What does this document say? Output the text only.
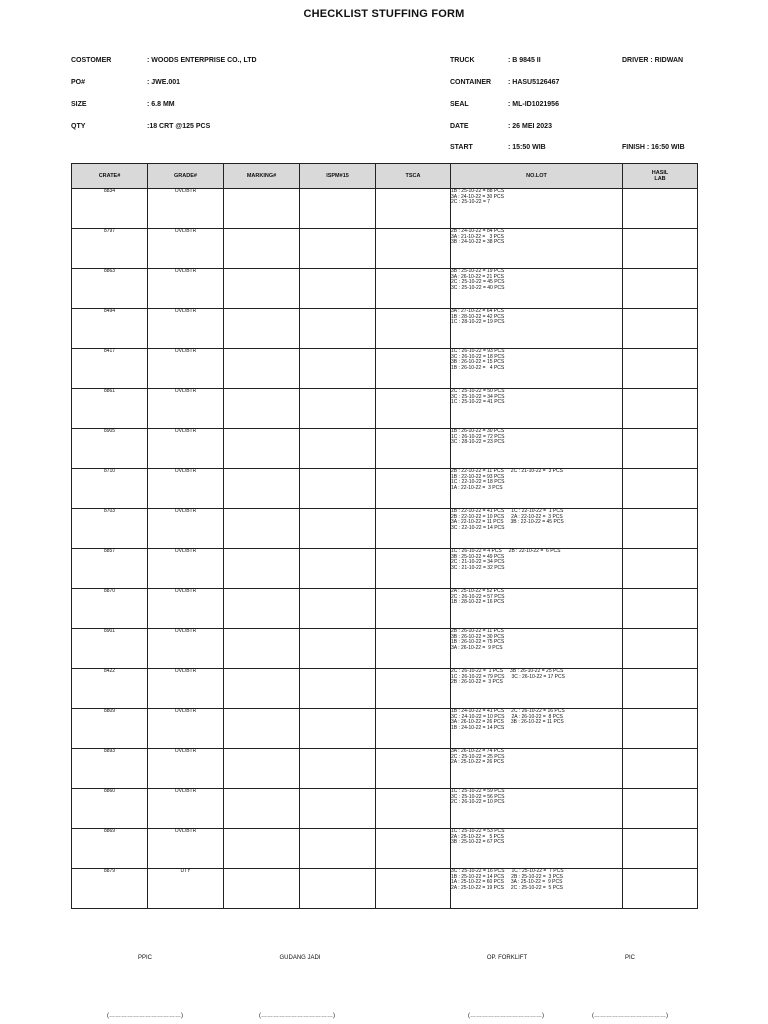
CHECKLIST STUFFING FORM
COSTOMER	: WOODS ENTERPRISE CO., LTD
PO#	: JWE.001
SIZE	: 6.8 MM
QTY	:18 CRT @125 PCS
TRUCK	: B 9845 II	DRIVER : RIDWAN
CONTAINER : HASU5126467
SEAL	: ML-ID1021956
DATE	: 26 MEI 2023
START	: 15:50 WIB	FINISH : 16:50 WIB
CRATE#	GRADE#	MARKING#	ISPM#15	TSCA	NO.LOT	HASIL
LAB
8834	OVL/BTR				1B : 25-10-22 = 88 PCS
3A : 24-10-22 = 30 PCS
2C : 25-10-22 = 7	
8797	OVL/BTR				2B : 24-10-22 = 84 PCS
3A : 21-10-22 =   3 PCS
3B : 24-10-22 = 38 PCS	
8863	OVL/BTR				3B : 25-10-22 = 19 PCS
3A : 26-10-22 = 21 PCS
2C : 25-10-22 = 45 PCS
3C : 25-10-22 = 40 PCS	
8494	OVL/BTR				3A : 27-10-22 = 64 PCS
1B : 28-10-22 = 42 PCS
1C : 28-10-22 = 19 PCS	
8417	OVL/BTR				1C : 26-10-22 = 93 PCS
3C : 26-10-22 = 18 PCS
3B : 26-10-22 = 15 PCS
1B : 26-10-22 =   4 PCS	
8861	OVL/BTR				2C : 25-10-22 = 50 PCS
3C : 25-10-22 = 34 PCS
1C : 25-10-22 = 41 PCS	
8905	OVL/BTR				1B : 26-10-22 = 30 PCS
1C : 26-10-22 = 72 PCS
3C : 28-10-22 = 23 PCS	
8710	OVL/BTR				2B : 22-10-22 = 11 PCS     2C : 21-10-22 =  3 PCS
1B : 22-10-22 = 93 PCS
1C : 22-10-22 = 18 PCS
1A : 22-10-22 =  3 PCS	
8703	OVL/BTR				1B : 22-10-22 = 41 PCS     1C : 22-10-22 =  1 PCS
2B : 22-10-22 = 10 PCS     2A : 22-10-22 =  3 PCS
3A : 22-10-22 = 11 PCS     3B : 22-10-22 = 45 PCS
3C : 22-10-22 = 14 PCS	
8857	OVL/BTR				1C : 26-10-22 = 4 PCS     2B : 22-10-22 =  6 PCS
3B : 25-10-22 = 49 PCS
2C : 21-10-22 = 34 PCS
3C : 21-10-22 = 32 PCS	
8870	OVL/BTR				2A : 25-10-22 = 52 PCS
2C : 26-10-22 = 57 PCS
1B : 28-10-22 = 16 PCS	
8901	OVL/BTR				2B : 26-10-22 = 11 PCS
3B : 26-10-22 = 30 PCS
1B : 26-10-22 = 75 PCS
3A : 26-10-22 =  9 PCS	
8422	OVL/BTR				2C : 26-10-22 =  1 PCS     3B : 26-10-22 = 25 PCS
1C : 26-10-22 = 79 PCS     3C : 26-10-22 = 17 PCS
2B : 26-10-22 =  3 PCS	
8809	OVL/BTR				1B : 24-10-22 = 41 PCS     2C : 26-10-22 = 16 PCS
3C : 24-10-22 = 10 PCS     2A : 26-10-22 =  8 PCS
3A : 26-10-22 = 26 PCS     3B : 26-10-22 = 11 PCS
1B : 24-10-22 = 14 PCS	
8893	OVL/BTR				3A : 26-10-22 = 74 PCS
2C : 25-10-22 = 25 PCS
2A : 25-10-22 = 26 PCS	
8860	OVL/BTR				1C : 25-10-22 = 59 PCS
3C : 25-10-22 = 56 PCS
2C : 26-10-22 = 10 PCS	
8869	OVL/BTR				1C : 25-10-22 = 53 PCS
2A : 25-10-22 =   5 PCS
3B : 25-10-22 = 67 PCS	
8879	UTY				3C : 25-10-22 = 16 PCS     1C : 25-10-22 =  7 PCS
1B : 25-10-22 = 14 PCS     2B : 25-10-22 =  3 PCS
1A : 25-10-22 = 60 PCS     3A : 25-10-22 =  9 PCS
2A : 25-10-22 = 19 PCS     2C : 25-10-22 =  5 PCS	
PPIC	GUDANG JADI	OP. FORKLIFT	PIC
(………………………………)	(………………………………)	(………………………………)	(………………………………)
